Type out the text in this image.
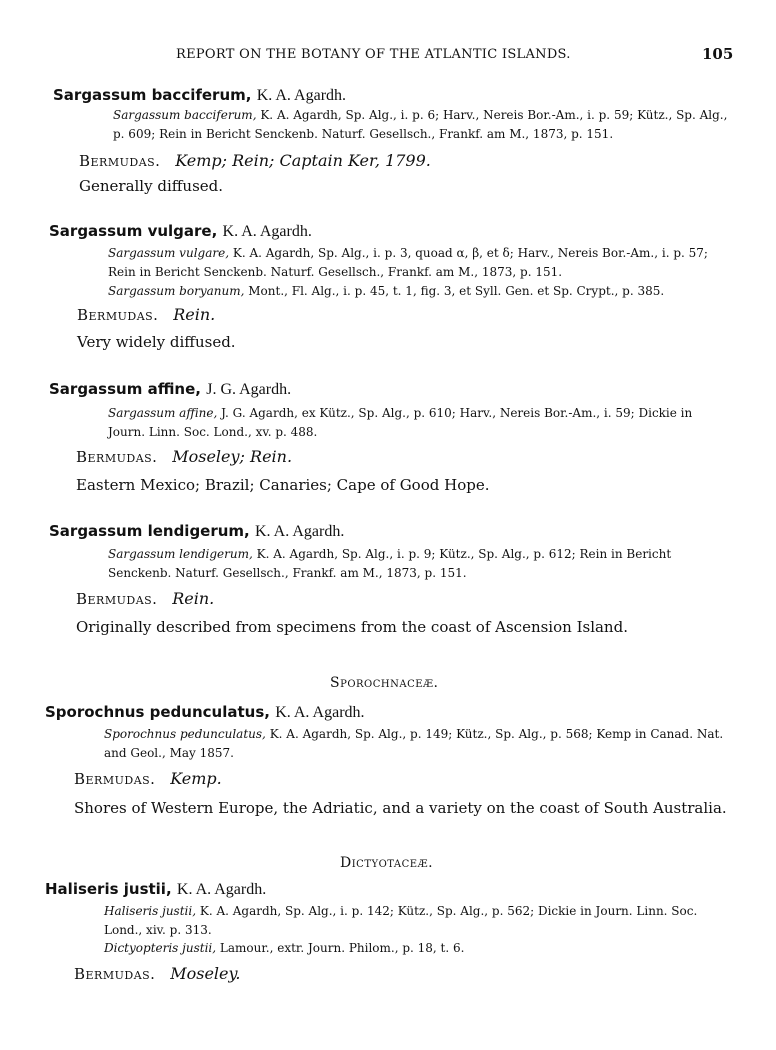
REPORT ON THE BOTANY OF THE ATLANTIC ISLANDS.	105
Sargassum bacciferum, K. A. Agardh.
Sargassum bacciferum, K. A. Agardh, Sp. Alg., i. p. 6; Harv., Nereis Bor.-Am., i. p. 59; Kütz., Sp. Alg., p. 609; Rein in Bericht Senckenb. Naturf. Gesellsch., Frankf. am M., 1873, p. 151.
Bermudas. Kemp; Rein; Captain Ker, 1799.
Generally diffused.
Sargassum vulgare, K. A. Agardh.
Sargassum vulgare, K. A. Agardh, Sp. Alg., i. p. 3, quoad α, β, et δ; Harv., Nereis Bor.-Am., i. p. 57; Rein in Bericht Senckenb. Naturf. Gesellsch., Frankf. am M., 1873, p. 151.
Sargassum boryanum, Mont., Fl. Alg., i. p. 45, t. 1, fig. 3, et Syll. Gen. et Sp. Crypt., p. 385.
Bermudas. Rein.
Very widely diffused.
Sargassum affine, J. G. Agardh.
Sargassum affine, J. G. Agardh, ex Kütz., Sp. Alg., p. 610; Harv., Nereis Bor.-Am., i. 59; Dickie in Journ. Linn. Soc. Lond., xv. p. 488.
Bermudas. Moseley; Rein.
Eastern Mexico; Brazil; Canaries; Cape of Good Hope.
Sargassum lendigerum, K. A. Agardh.
Sargassum lendigerum, K. A. Agardh, Sp. Alg., i. p. 9; Kütz., Sp. Alg., p. 612; Rein in Bericht Senckenb. Naturf. Gesellsch., Frankf. am M., 1873, p. 151.
Bermudas. Rein.
Originally described from specimens from the coast of Ascension Island.
Sporochnaceæ.
Sporochnus pedunculatus, K. A. Agardh.
Sporochnus pedunculatus, K. A. Agardh, Sp. Alg., p. 149; Kütz., Sp. Alg., p. 568; Kemp in Canad. Nat. and Geol., May 1857.
Bermudas. Kemp.
Shores of Western Europe, the Adriatic, and a variety on the coast of South Australia.
Dictyotaceæ.
Haliseris justii, K. A. Agardh.
Haliseris justii, K. A. Agardh, Sp. Alg., i. p. 142; Kütz., Sp. Alg., p. 562; Dickie in Journ. Linn. Soc. Lond., xiv. p. 313.
Dictyopteris justii, Lamour., extr. Journ. Philom., p. 18, t. 6.
Bermudas. Moseley.
